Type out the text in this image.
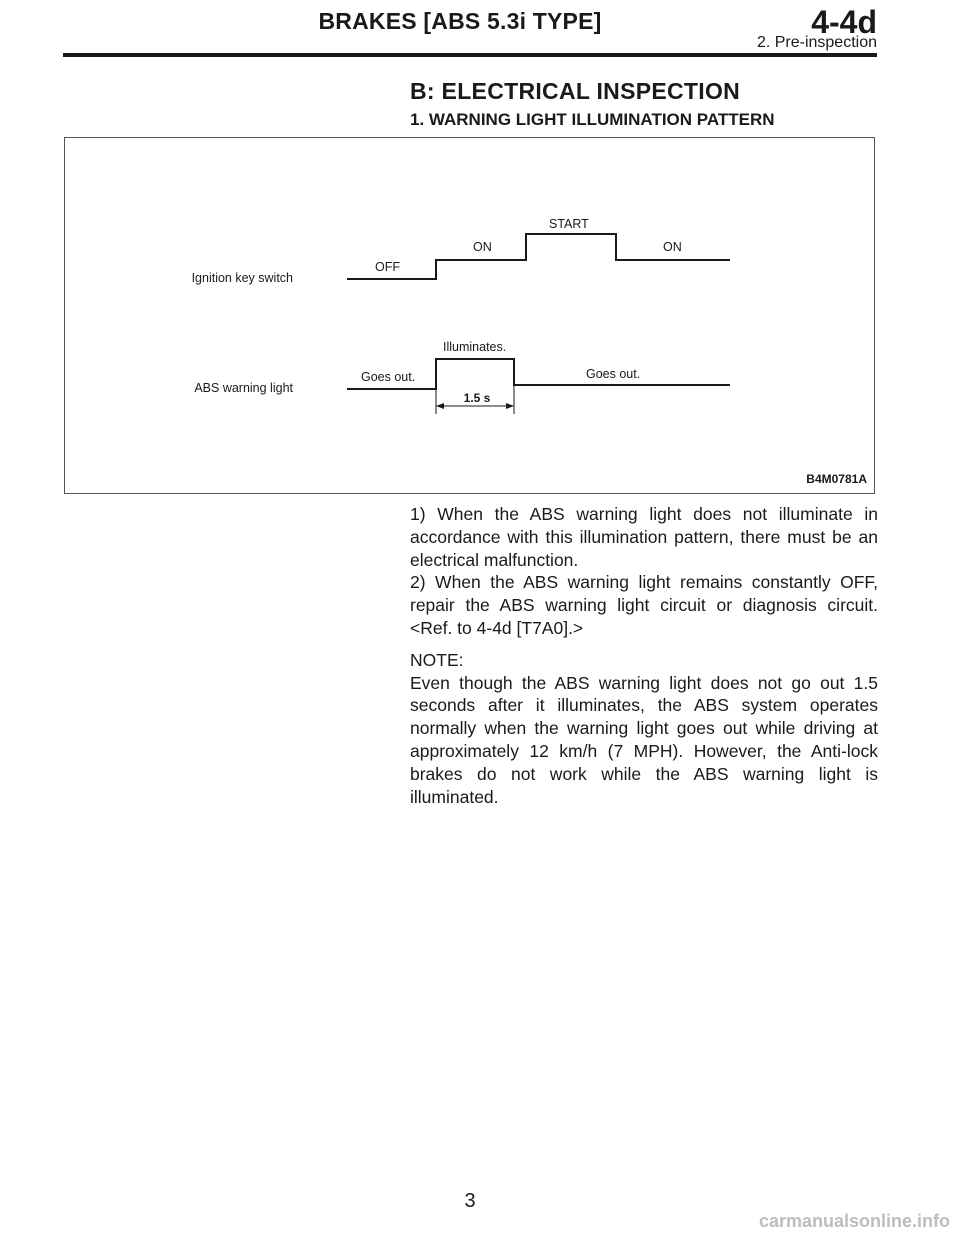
BRAKES [ABS 5.3i TYPE]	4-4d
2. Pre-inspection
B: ELECTRICAL INSPECTION
1. WARNING LIGHT ILLUMINATION PATTERN
Ignition key switch
OFF
ON
START
ON
ABS warning light
Goes out.
Illuminates.
Goes out.
1.5 s
B4M0781A

1) When the ABS warning light does not illuminate in accordance with this illumination pattern, there must be an electrical malfunction.

2) When the ABS warning light remains constantly OFF, repair the ABS warning light circuit or diagnosis circuit. <Ref. to 4-4d [T7A0].>

NOTE:

Even though the ABS warning light does not go out 1.5 seconds after it illuminates, the ABS system operates normally when the warning light goes out while driving at approximately 12 km/h (7 MPH). However, the Anti-lock brakes do not work while the ABS warning light is illuminated.

3
carmanualsonline.info
